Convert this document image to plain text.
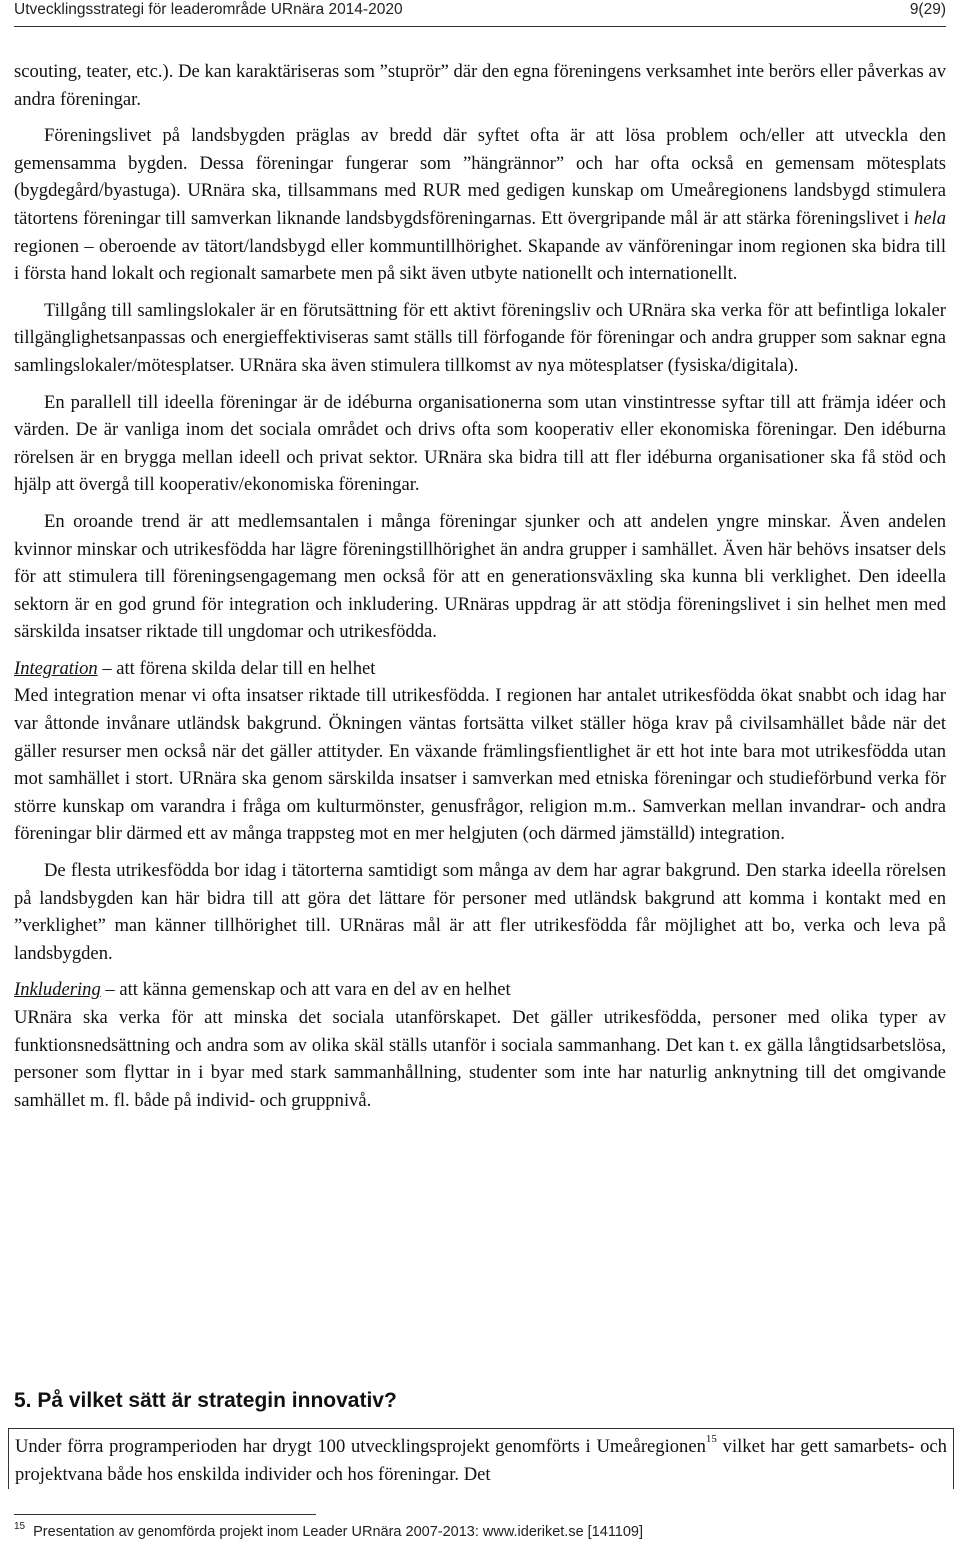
Utvecklingsstrategi för leaderområde URnära 2014-2020	9(29)

scouting, teater, etc.). De kan karaktäriseras som ”stuprör” där den egna föreningens verksamhet inte berörs eller påverkas av andra föreningar.

Föreningslivet på landsbygden präglas av bredd där syftet ofta är att lösa problem och/eller att utveckla den gemensamma bygden. Dessa föreningar fungerar som ”hängrännor” och har ofta också en gemensam mötesplats (bygdegård/byastuga). URnära ska, tillsammans med RUR med gedigen kunskap om Umeåregionens landsbygd stimulera tätortens föreningar till samverkan liknande landsbygdsföreningarnas. Ett övergripande mål är att stärka föreningslivet i hela regionen – oberoende av tätort/landsbygd eller kommuntillhörighet. Skapande av vänföreningar inom regionen ska bidra till i första hand lokalt och regionalt samarbete men på sikt även utbyte nationellt och internationellt.

Tillgång till samlingslokaler är en förutsättning för ett aktivt föreningsliv och URnära ska verka för att befintliga lokaler tillgänglighetsanpassas och energieffektiviseras samt ställs till förfogande för föreningar och andra grupper som saknar egna samlingslokaler/mötesplatser. URnära ska även stimulera tillkomst av nya mötesplatser (fysiska/digitala).

En parallell till ideella föreningar är de idéburna organisationerna som utan vinstintresse syftar till att främja idéer och värden. De är vanliga inom det sociala området och drivs ofta som kooperativ eller ekonomiska föreningar. Den idéburna rörelsen är en brygga mellan ideell och privat sektor. URnära ska bidra till att fler idéburna organisationer ska få stöd och hjälp att övergå till kooperativ/ekonomiska föreningar.

En oroande trend är att medlemsantalen i många föreningar sjunker och att andelen yngre minskar. Även andelen kvinnor minskar och utrikesfödda har lägre föreningstillhörighet än andra grupper i samhället. Även här behövs insatser dels för att stimulera till föreningsengagemang men också för att en generationsväxling ska kunna bli verklighet. Den ideella sektorn är en god grund för integration och inkludering. URnäras uppdrag är att stödja föreningslivet i sin helhet men med särskilda insatser riktade till ungdomar och utrikesfödda.

Integration – att förena skilda delar till en helhet

Med integration menar vi ofta insatser riktade till utrikesfödda. I regionen har antalet utrikesfödda ökat snabbt och idag har var åttonde invånare utländsk bakgrund. Ökningen väntas fortsätta vilket ställer höga krav på civilsamhället både när det gäller resurser men också när det gäller attityder. En växande främlingsfientlighet är ett hot inte bara mot utrikesfödda utan mot samhället i stort. URnära ska genom särskilda insatser i samverkan med etniska föreningar och studieförbund verka för större kunskap om varandra i fråga om kulturmönster, genusfrågor, religion m.m.. Samverkan mellan invandrar- och andra föreningar blir därmed ett av många trappsteg mot en mer helgjuten (och därmed jämställd) integration.

De flesta utrikesfödda bor idag i tätorterna samtidigt som många av dem har agrar bakgrund. Den starka ideella rörelsen på landsbygden kan här bidra till att göra det lättare för personer med utländsk bakgrund att komma i kontakt med en ”verklighet” man känner tillhörighet till. URnäras mål är att fler utrikesfödda får möjlighet att bo, verka och leva på landsbygden.

Inkludering – att känna gemenskap och att vara en del av en helhet

URnära ska verka för att minska det sociala utanförskapet. Det gäller utrikesfödda, personer med olika typer av funktionsnedsättning och andra som av olika skäl ställs utanför i sociala sammanhang. Det kan t. ex gälla långtidsarbetslösa, personer som flyttar in i byar med stark sammanhållning, studenter som inte har naturlig anknytning till det omgivande samhället m. fl. både på individ- och gruppnivå.

5. På vilket sätt är strategin innovativ?
Under förra programperioden har drygt 100 utvecklingsprojekt genomförts i Umeåregionen$^{15}$ vilket har gett samarbets- och projektvana både hos enskilda individer och hos föreningar. Det
$^{15}$ Presentation av genomförda projekt inom Leader URnära 2007-2013: www.ideriket.se [141109]
